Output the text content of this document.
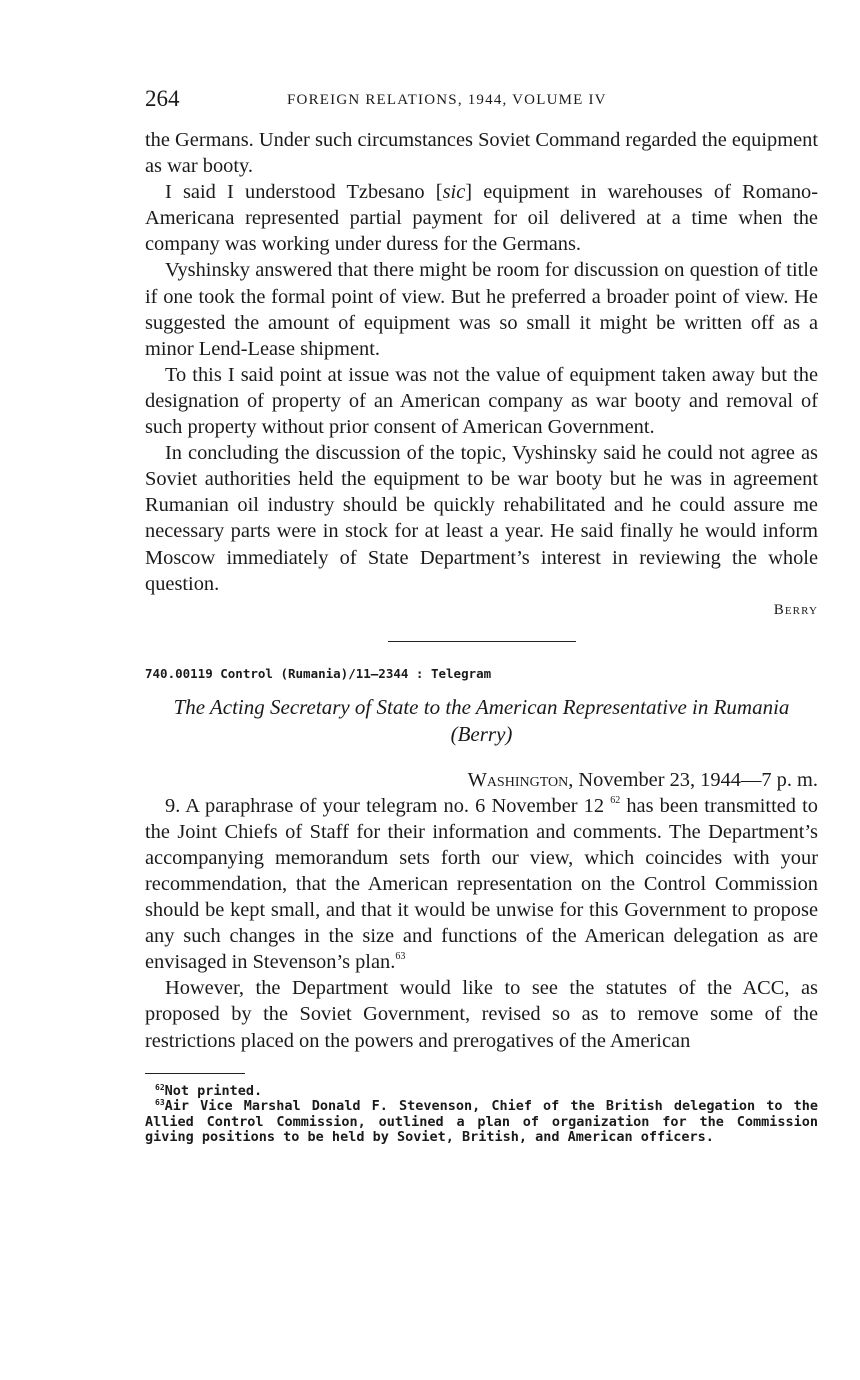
264	FOREIGN RELATIONS, 1944, VOLUME IV

the Germans. Under such circumstances Soviet Command regarded the equipment as war booty.

I said I understood Tzbesano [sic] equipment in warehouses of Romano-Americana represented partial payment for oil delivered at a time when the company was working under duress for the Germans.

Vyshinsky answered that there might be room for discussion on question of title if one took the formal point of view. But he preferred a broader point of view. He suggested the amount of equipment was so small it might be written off as a minor Lend-Lease shipment.

To this I said point at issue was not the value of equipment taken away but the designation of property of an American company as war booty and removal of such property without prior consent of American Government.

In concluding the discussion of the topic, Vyshinsky said he could not agree as Soviet authorities held the equipment to be war booty but he was in agreement Rumanian oil industry should be quickly rehabilitated and he could assure me necessary parts were in stock for at least a year. He said finally he would inform Moscow immediately of State Department’s interest in reviewing the whole question.

Berry
740.00119 Control (Rumania)/11–2344 : Telegram
The Acting Secretary of State to the American Representative in Rumania (Berry)
Washington, November 23, 1944—7 p. m.

9. A paraphrase of your telegram no. 6 November 12 $^{62}$ has been transmitted to the Joint Chiefs of Staff for their information and comments. The Department’s accompanying memorandum sets forth our view, which coincides with your recommendation, that the American representation on the Control Commission should be kept small, and that it would be unwise for this Government to propose any such changes in the size and functions of the American delegation as are envisaged in Stevenson’s plan.$^{63}$

However, the Department would like to see the statutes of the ACC, as proposed by the Soviet Government, revised so as to remove some of the restrictions placed on the powers and prerogatives of the American

$^{62}$Not printed.
$^{63}$Air Vice Marshal Donald F. Stevenson, Chief of the British delegation to the Allied Control Commission, outlined a plan of organization for the Commission giving positions to be held by Soviet, British, and American officers.
